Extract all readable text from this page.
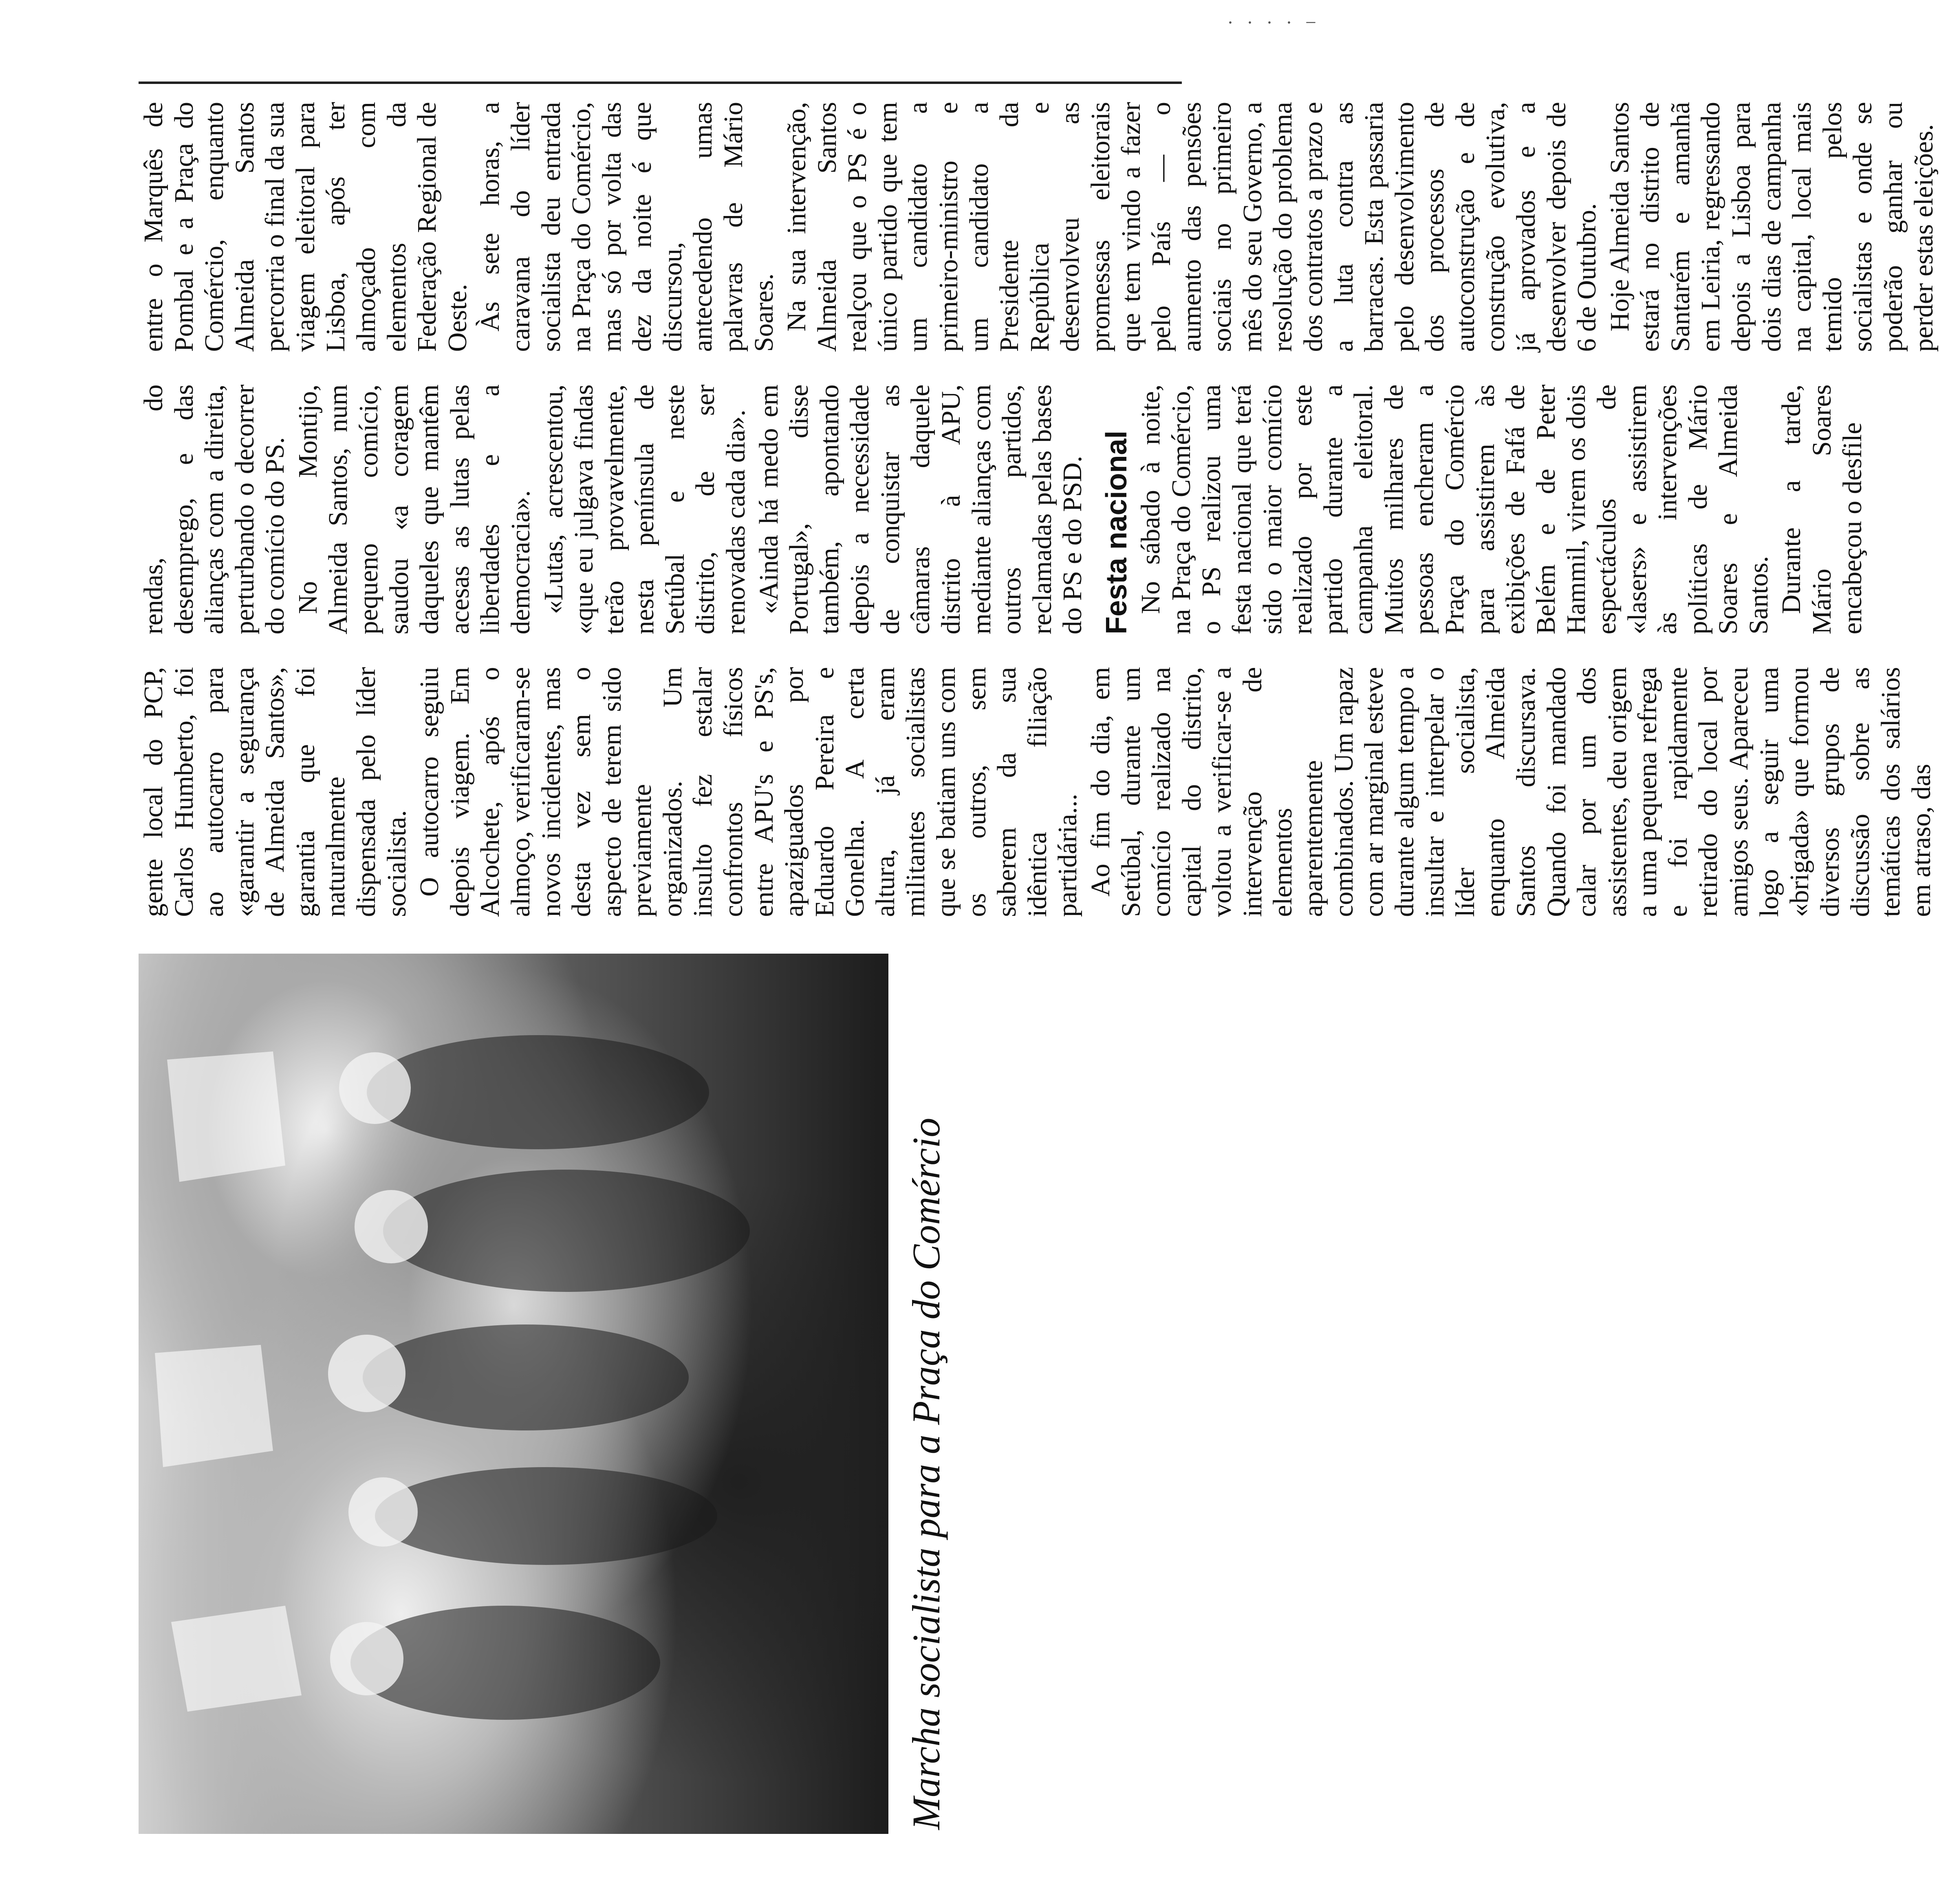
· · · · −
Marcha socialista para a Praça do Comércio

gente local do PCP, Carlos Humberto, foi ao autocarro para «garantir a segurança de Almeida Santos», garantia que foi naturalmente dispensada pelo líder socialista. O autocarro seguiu depois viagem. Em Alcochete, após o almoço, verificaram-se novos incidentes, mas desta vez sem o aspecto de terem sido previamente organizados. Um insulto fez estalar confrontos físicos entre APU's e PS's, apaziguados por Eduardo Pereira e Gonelha. A certa altura, já eram militantes socialistas que se batiam uns com os outros, sem saberem da sua idêntica filiação partidária... Ao fim do dia, em Setúbal, durante um comício realizado na capital do distrito, voltou a verificar-se a intervenção de elementos aparentemente combinados. Um rapaz com ar marginal esteve durante algum tempo a insultar e interpelar o líder socialista, enquanto Almeida Santos discursava. Quando foi mandado calar por um dos assistentes, deu origem a uma pequena refrega e foi rapidamente retirado do local por amigos seus. Apareceu logo a seguir uma «brigada» que formou diversos grupos de discussão sobre as temáticas dos salários em atraso, das

rendas, do desemprego, e das alianças com a direita, perturbando o decorrer do comício do PS. No Montijo, Almeida Santos, num pequeno comício, saudou «a coragem daqueles que mantêm acesas as lutas pelas liberdades e a democracia». «Lutas, acrescentou, «que eu julgava findas terão provavelmente, nesta península de Setúbal e neste distrito, de ser renovadas cada dia». «Ainda há medo em Portugal», disse também, apontando depois a necessidade de conquistar as câmaras daquele distrito à APU, mediante alianças com outros partidos, reclamadas pelas bases do PS e do PSD. Festa nacional No sábado à noite, na Praça do Comércio, o PS realizou uma festa nacional que terá sido o maior comício realizado por este partido durante a campanha eleitoral. Muitos milhares de pessoas encheram a Praça do Comércio para assistirem às exibições de Fafá de Belém e de Peter Hammil, virem os dois espectáculos de «lasers» e assistirem às intervenções políticas de Mário Soares e Almeida Santos. Durante a tarde, Mário Soares encabeçou o desfile

entre o Marquês de Pombal e a Praça do Comércio, enquanto Almeida Santos percorria o final da sua viagem eleitoral para Lisboa, após ter almoçado com elementos da Federação Regional de Oeste. Às sete horas, a caravana do líder socialista deu entrada na Praça do Comércio, mas só por volta das dez da noite é que discursou, antecedendo umas palavras de Mário Soares. Na sua intervenção, Almeida Santos realçou que o PS é o único partido que tem um candidato a primeiro-ministro e um candidato a Presidente da República e desenvolveu as promessas eleitorais que tem vindo a fazer pelo País — o aumento das pensões sociais no primeiro mês do seu Governo, a resolução do problema dos contratos a prazo e a luta contra as barracas. Esta passaria pelo desenvolvimento dos processos de autoconstrução e de construção evolutiva, já aprovados e a desenvolver depois de 6 de Outubro. Hoje Almeida Santos estará no distrito de Santarém e amanhã em Leiria, regressando depois a Lisboa para dois dias de campanha na capital, local mais temido pelos socialistas e onde se poderão ganhar ou perder estas eleições.
